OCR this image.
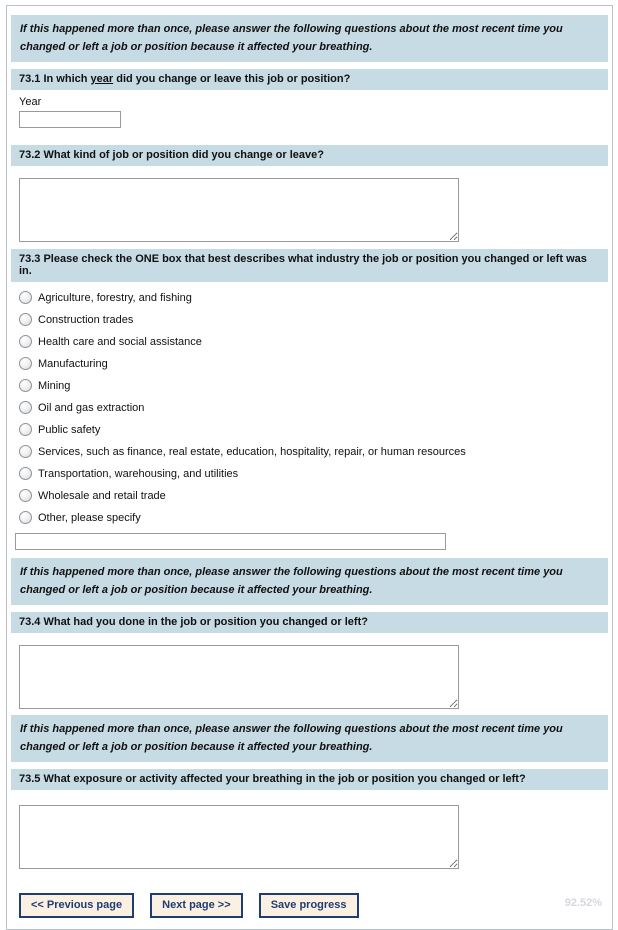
If this happened more than once, please answer the following questions about the most recent time you changed or left a job or position because it affected your breathing.
73.1 In which year did you change or leave this job or position?
Year
73.2 What kind of job or position did you change or leave?
73.3 Please check the ONE box that best describes what industry the job or position you changed or left was in.
Agriculture, forestry, and fishing
Construction trades
Health care and social assistance
Manufacturing
Mining
Oil and gas extraction
Public safety
Services, such as finance, real estate, education, hospitality, repair, or human resources
Transportation, warehousing, and utilities
Wholesale and retail trade
Other, please specify
If this happened more than once, please answer the following questions about the most recent time you changed or left a job or position because it affected your breathing.
73.4 What had you done in the job or position you changed or left?
If this happened more than once, please answer the following questions about the most recent time you changed or left a job or position because it affected your breathing.
73.5 What exposure or activity affected your breathing in the job or position you changed or left?
<< Previous page	Next page >>	Save progress	92.52%
